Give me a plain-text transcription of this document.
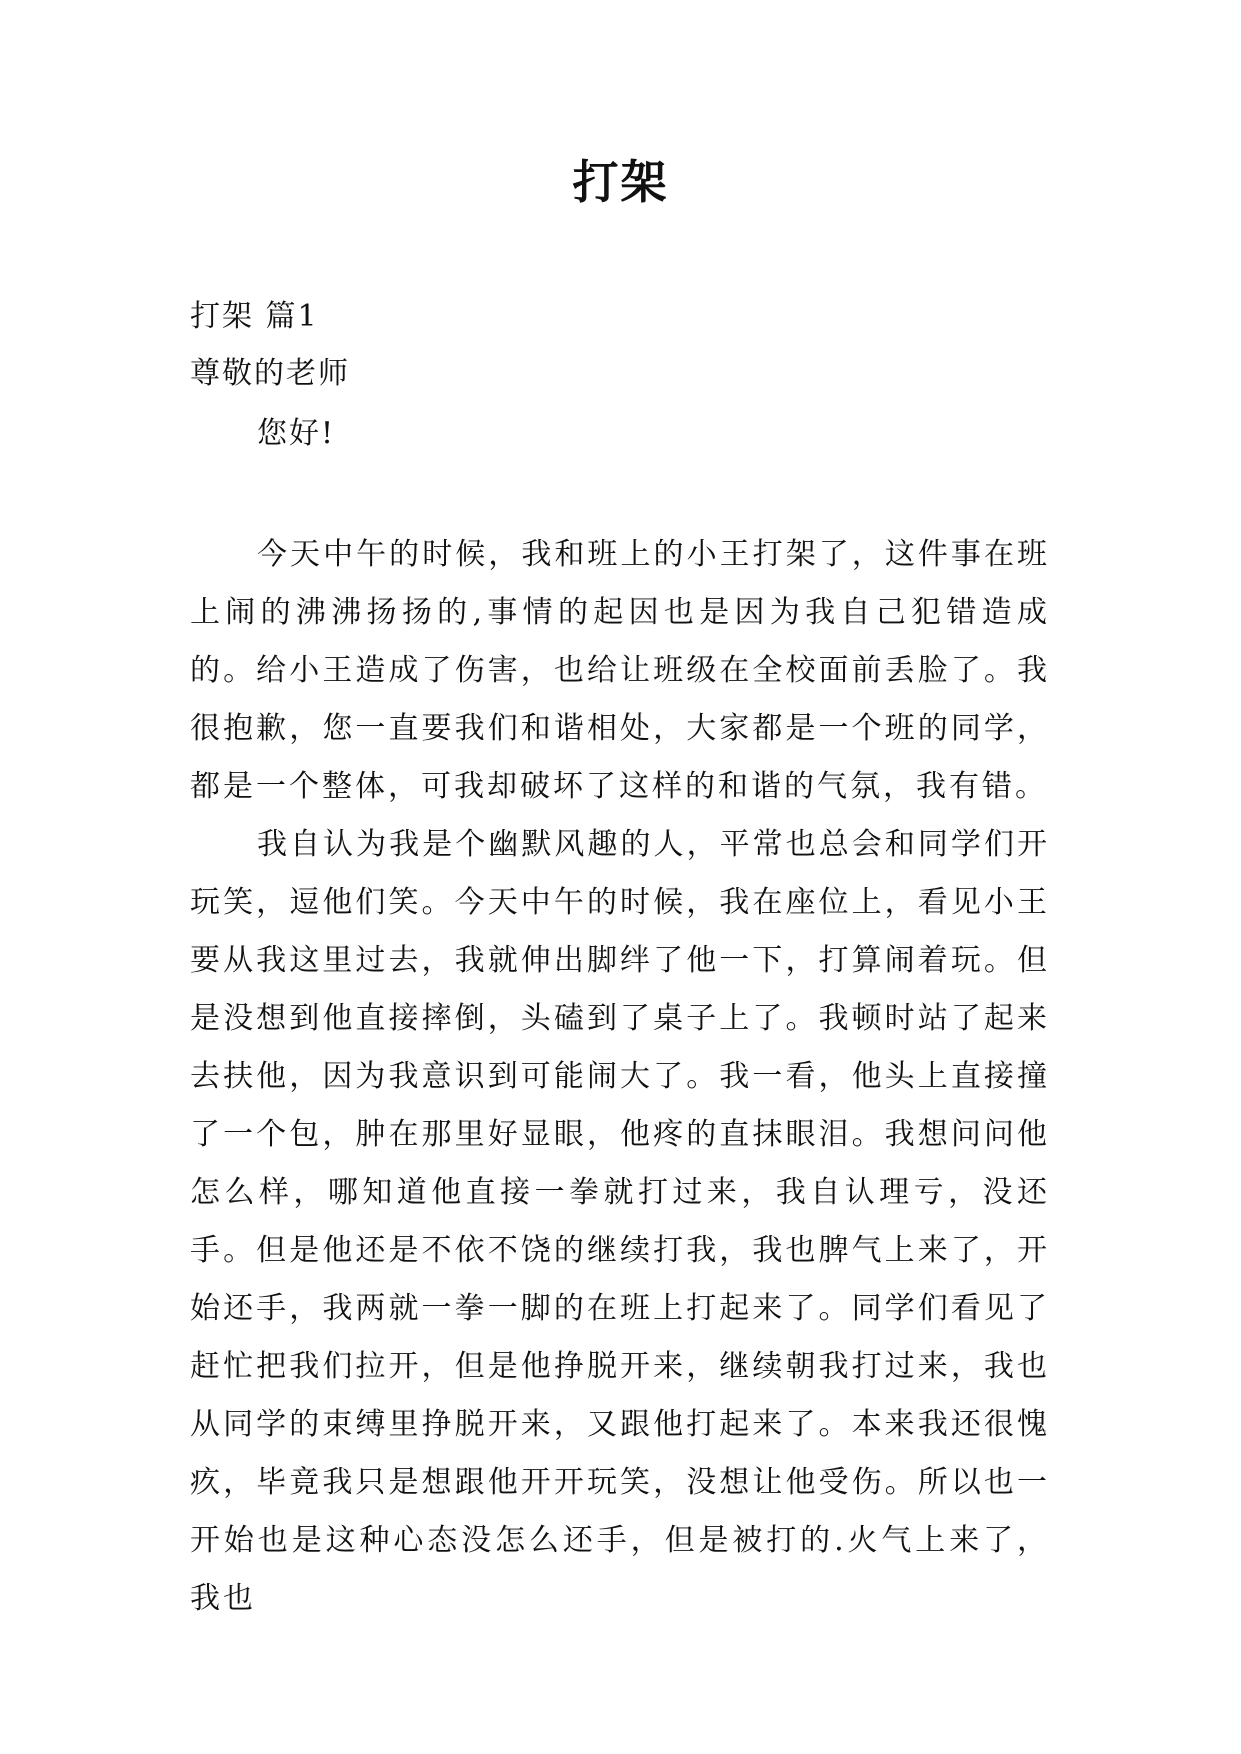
打架
打架 篇1
尊敬的老师
您好!

今天中午的时候，我和班上的小王打架了，这件事在班上闹的沸沸扬扬的,事情的起因也是因为我自己犯错造成的。给小王造成了伤害，也给让班级在全校面前丢脸了。我很抱歉，您一直要我们和谐相处，大家都是一个班的同学，都是一个整体，可我却破坏了这样的和谐的气氛，我有错。

我自认为我是个幽默风趣的人，平常也总会和同学们开玩笑，逗他们笑。今天中午的时候，我在座位上，看见小王要从我这里过去，我就伸出脚绊了他一下，打算闹着玩。但是没想到他直接摔倒，头磕到了桌子上了。我顿时站了起来去扶他，因为我意识到可能闹大了。我一看，他头上直接撞了一个包，肿在那里好显眼，他疼的直抹眼泪。我想问问他怎么样，哪知道他直接一拳就打过来，我自认理亏，没还手。但是他还是不依不饶的继续打我，我也脾气上来了，开始还手，我两就一拳一脚的在班上打起来了。同学们看见了赶忙把我们拉开，但是他挣脱开来，继续朝我打过来，我也从同学的束缚里挣脱开来，又跟他打起来了。本来我还很愧疚，毕竟我只是想跟他开开玩笑，没想让他受伤。所以也一开始也是这种心态没怎么还手，但是被打的.火气上来了，我也
